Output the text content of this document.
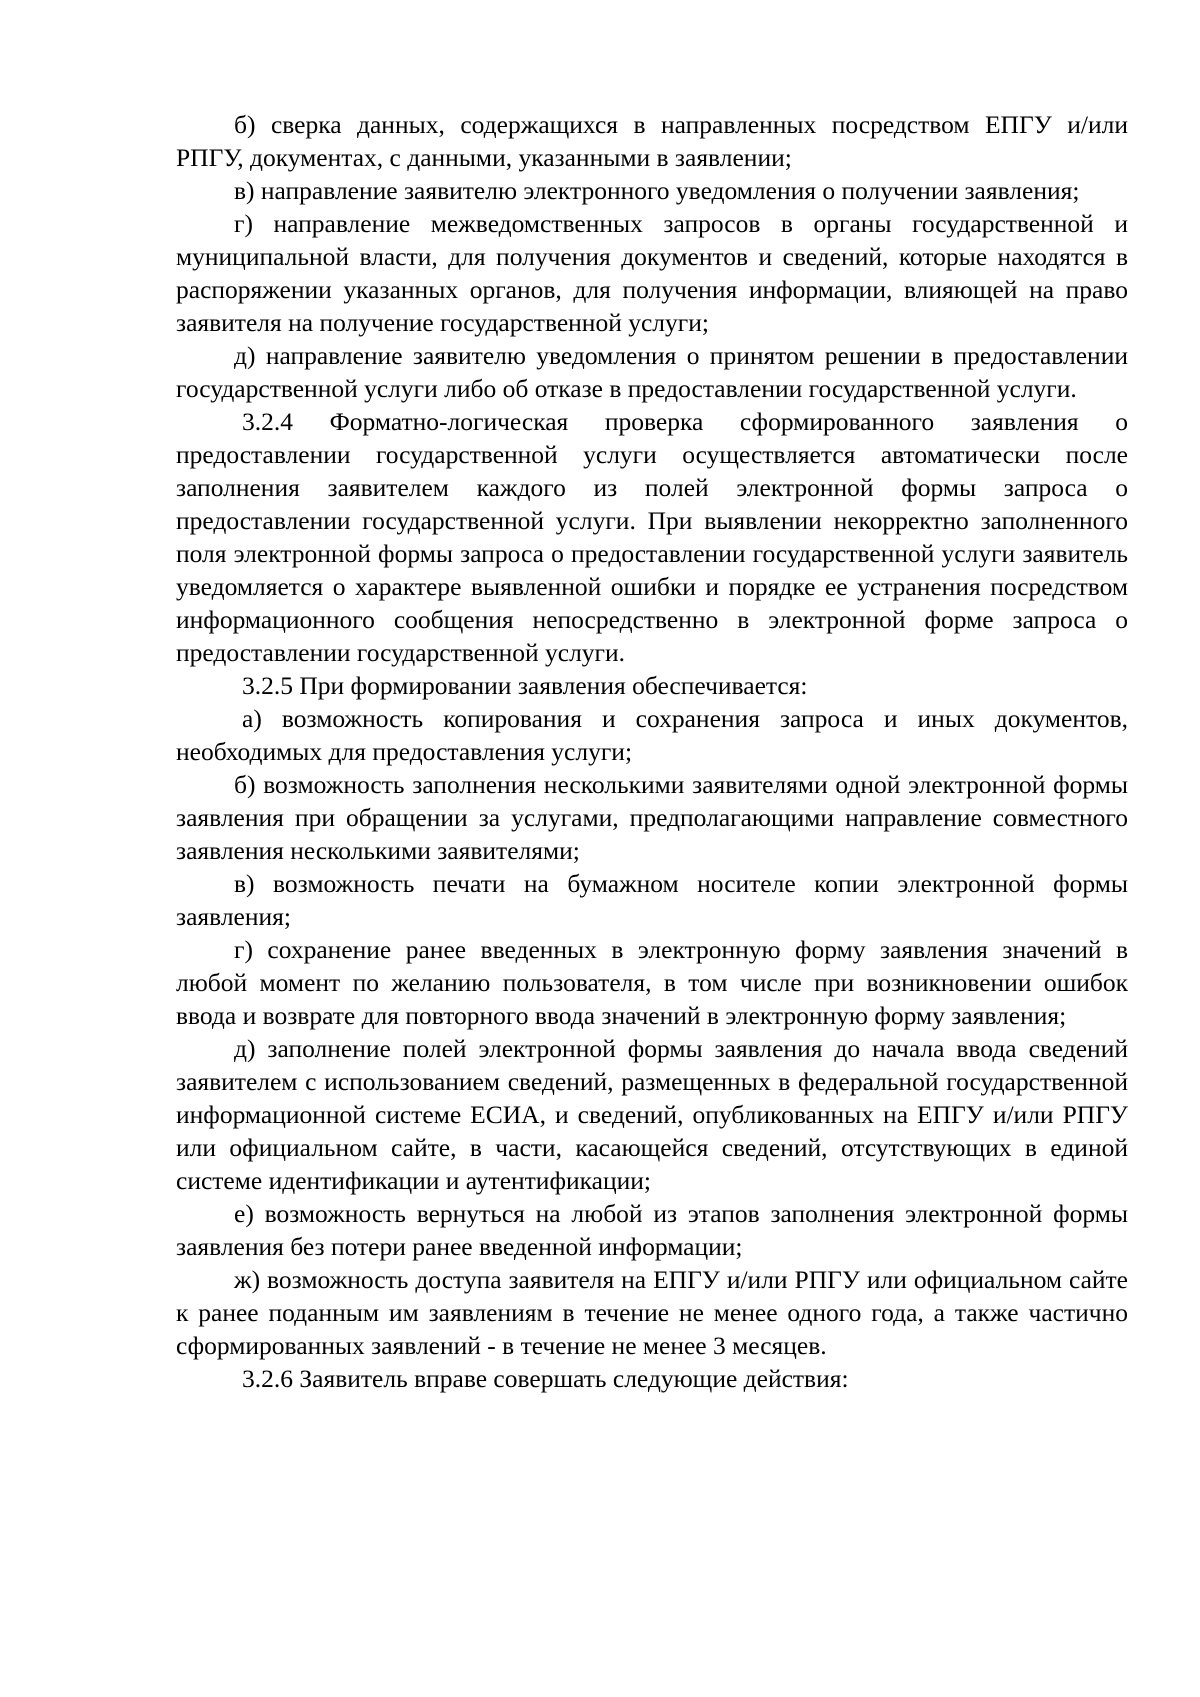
б) сверка данных, содержащихся в направленных посредством ЕПГУ и/или РПГУ, документах, с данными, указанными в заявлении;

в) направление заявителю электронного уведомления о получении заявления;

г) направление межведомственных запросов в органы государственной и муниципальной власти, для получения документов и сведений, которые находятся в распоряжении указанных органов, для получения информации, влияющей на право заявителя на получение государственной услуги;

д) направление заявителю уведомления о принятом решении в предоставлении государственной услуги либо об отказе в предоставлении государственной услуги.

3.2.4 Форматно-логическая проверка сформированного заявления о предоставлении государственной услуги осуществляется автоматически после заполнения заявителем каждого из полей электронной формы запроса о предоставлении государственной услуги. При выявлении некорректно заполненного поля электронной формы запроса о предоставлении государственной услуги заявитель уведомляется о характере выявленной ошибки и порядке ее устранения посредством информационного сообщения непосредственно в электронной форме запроса о предоставлении государственной услуги.

3.2.5 При формировании заявления обеспечивается:

а) возможность копирования и сохранения запроса и иных документов, необходимых для предоставления услуги;

б) возможность заполнения несколькими заявителями одной электронной формы заявления при обращении за услугами, предполагающими направление совместного заявления несколькими заявителями;

в) возможность печати на бумажном носителе копии электронной формы заявления;

г) сохранение ранее введенных в электронную форму заявления значений в любой момент по желанию пользователя, в том числе при возникновении ошибок ввода и возврате для повторного ввода значений в электронную форму заявления;

д) заполнение полей электронной формы заявления до начала ввода сведений заявителем с использованием сведений, размещенных в федеральной государственной информационной системе ЕСИА, и сведений, опубликованных на ЕПГУ и/или РПГУ или официальном сайте, в части, касающейся сведений, отсутствующих в единой системе идентификации и аутентификации;

е) возможность вернуться на любой из этапов заполнения электронной формы заявления без потери ранее введенной информации;

ж) возможность доступа заявителя на ЕПГУ и/или РПГУ или официальном сайте к ранее поданным им заявлениям в течение не менее одного года, а также частично сформированных заявлений - в течение не менее 3 месяцев.

3.2.6 Заявитель вправе совершать следующие действия:
